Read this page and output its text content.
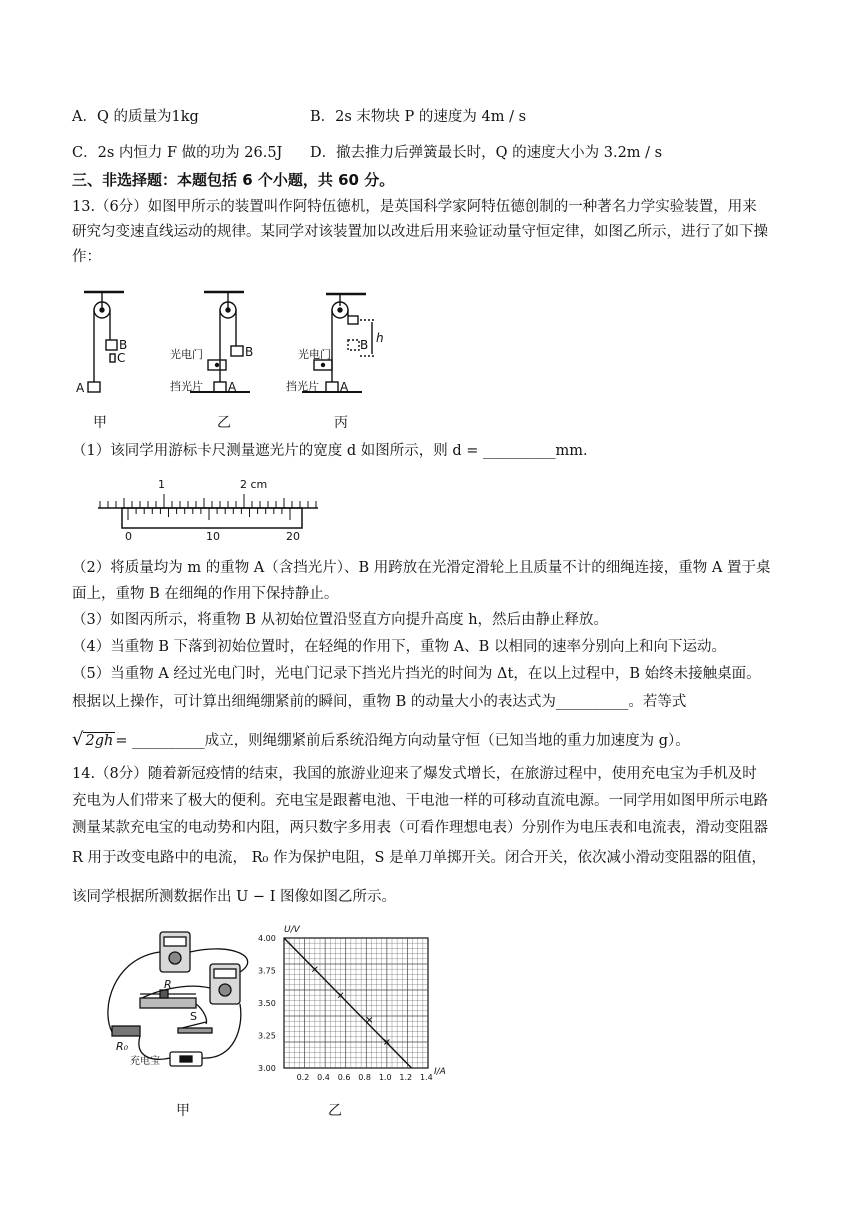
A．Q 的质量为1kg	B．2s 末物块 P 的速度为 4m / s
C．2s 内恒力 F 做的功为 26.5J D．撤去推力后弹簧最长时，Q 的速度大小为 3.2m / s
三、非选择题：本题包括 6 个小题，共 60 分。
13.（6分）如图甲所示的装置叫作阿特伍德机，是英国科学家阿特伍德创制的一种著名力学实验装置，用来
研究匀变速直线运动的规律。某同学对该装置加以改进后用来验证动量守恒定律，如图乙所示，进行了如下操
作：
B
C
A
光电门	B
挡光片 A
光电门
B h
挡光片 A
甲	乙	丙
（1）该同学用游标卡尺测量遮光片的宽度 d 如图所示，则 d = __________mm．
1	2 cm
0	10	20
（2）将质量均为 m 的重物 A（含挡光片）、B 用跨放在光滑定滑轮上且质量不计的细绳连接，重物 A 置于桌
面上，重物 B 在细绳的作用下保持静止。
（3）如图丙所示，将重物 B 从初始位置沿竖直方向提升高度 h，然后由静止释放。
（4）当重物 B 下落到初始位置时，在轻绳的作用下，重物 A、B 以相同的速率分别向上和向下运动。
（5）当重物 A 经过光电门时，光电门记录下挡光片挡光的时间为 Δt，在以上过程中，B 始终未接触桌面。
根据以上操作，可计算出细绳绷紧前的瞬间，重物 B 的动量大小的表达式为__________。若等式
√ 2gh = __________成立，则绳绷紧前后系统沿绳方向动量守恒（已知当地的重力加速度为 g）。
14.（8分）随着新冠疫情的结束，我国的旅游业迎来了爆发式增长，在旅游过程中，使用充电宝为手机及时
充电为人们带来了极大的便利。充电宝是跟蓄电池、干电池一样的可移动直流电源。一同学用如图甲所示电路
测量某款充电宝的电动势和内阻，两只数字多用表（可看作理想电表）分别作为电压表和电流表，滑动变阻器
R 用于改变电路中的电流， R₀ 作为保护电阻，S 是单刀单掷开关。闭合开关，依次减小滑动变阻器的阻值，
该同学根据所测数据作出 U − I 图像如图乙所示。
R
S
R₀
充电宝
U/V
I/A
0.2 0.4 0.6 0.8 1.0 1.2 1.4
4.00
3.75
3.50
3.25
3.00
甲	乙
